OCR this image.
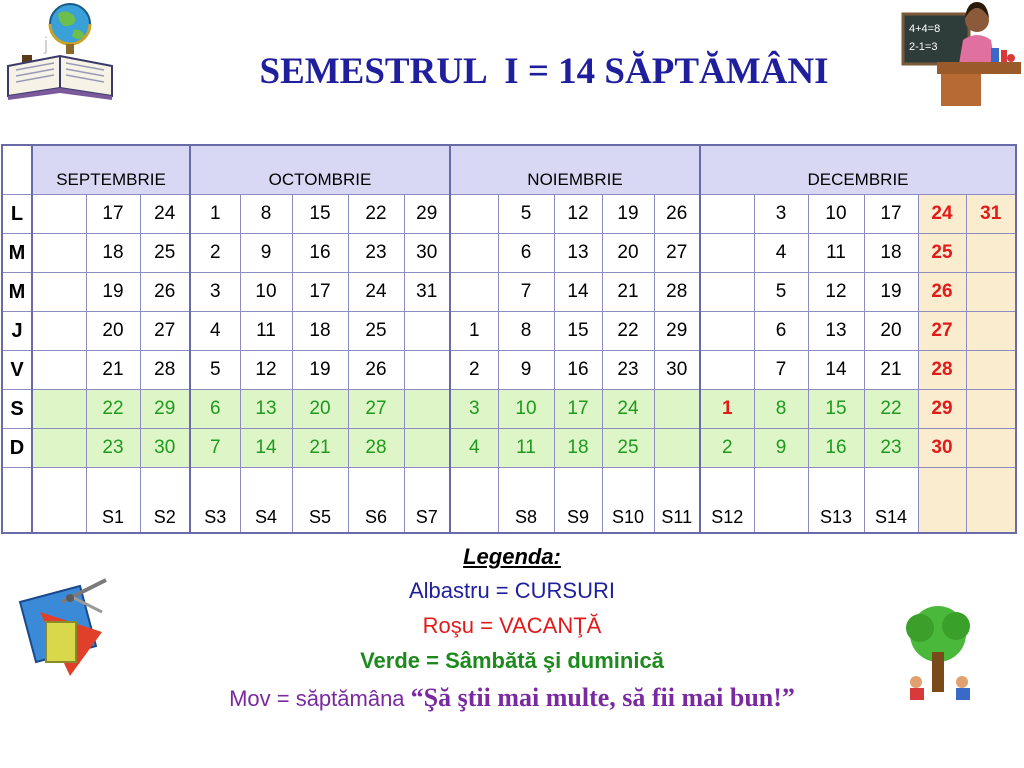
SEMESTRUL  I = 14 SĂPTĂMÂNI
j
4+4=8
2-1=3
	SEPTEMBRIE			OCTOMBRIE					NOIEMBRIE					DECEMBRIE					
L		17	24	1	8	15	22	29		5	12	19	26		3	10	17	24	31
M		18	25	2	9	16	23	30		6	13	20	27		4	11	18	25	
M		19	26	3	10	17	24	31		7	14	21	28		5	12	19	26	
J		20	27	4	11	18	25		1	8	15	22	29		6	13	20	27	
V		21	28	5	12	19	26		2	9	16	23	30		7	14	21	28	
S		22	29	6	13	20	27		3	10	17	24		1	8	15	22	29	
D		23	30	7	14	21	28		4	11	18	25		2	9	16	23	30	
		S1	S2	S3	S4	S5	S6	S7		S8	S9	S10	S11	S12		S13	S14		
Legenda:
Albastru = CURSURI
Roşu = VACANŢĂ
Verde = Sâmbătă şi duminică
Mov = săptămâna “Şă ştii mai multe, să fii mai bun!”
